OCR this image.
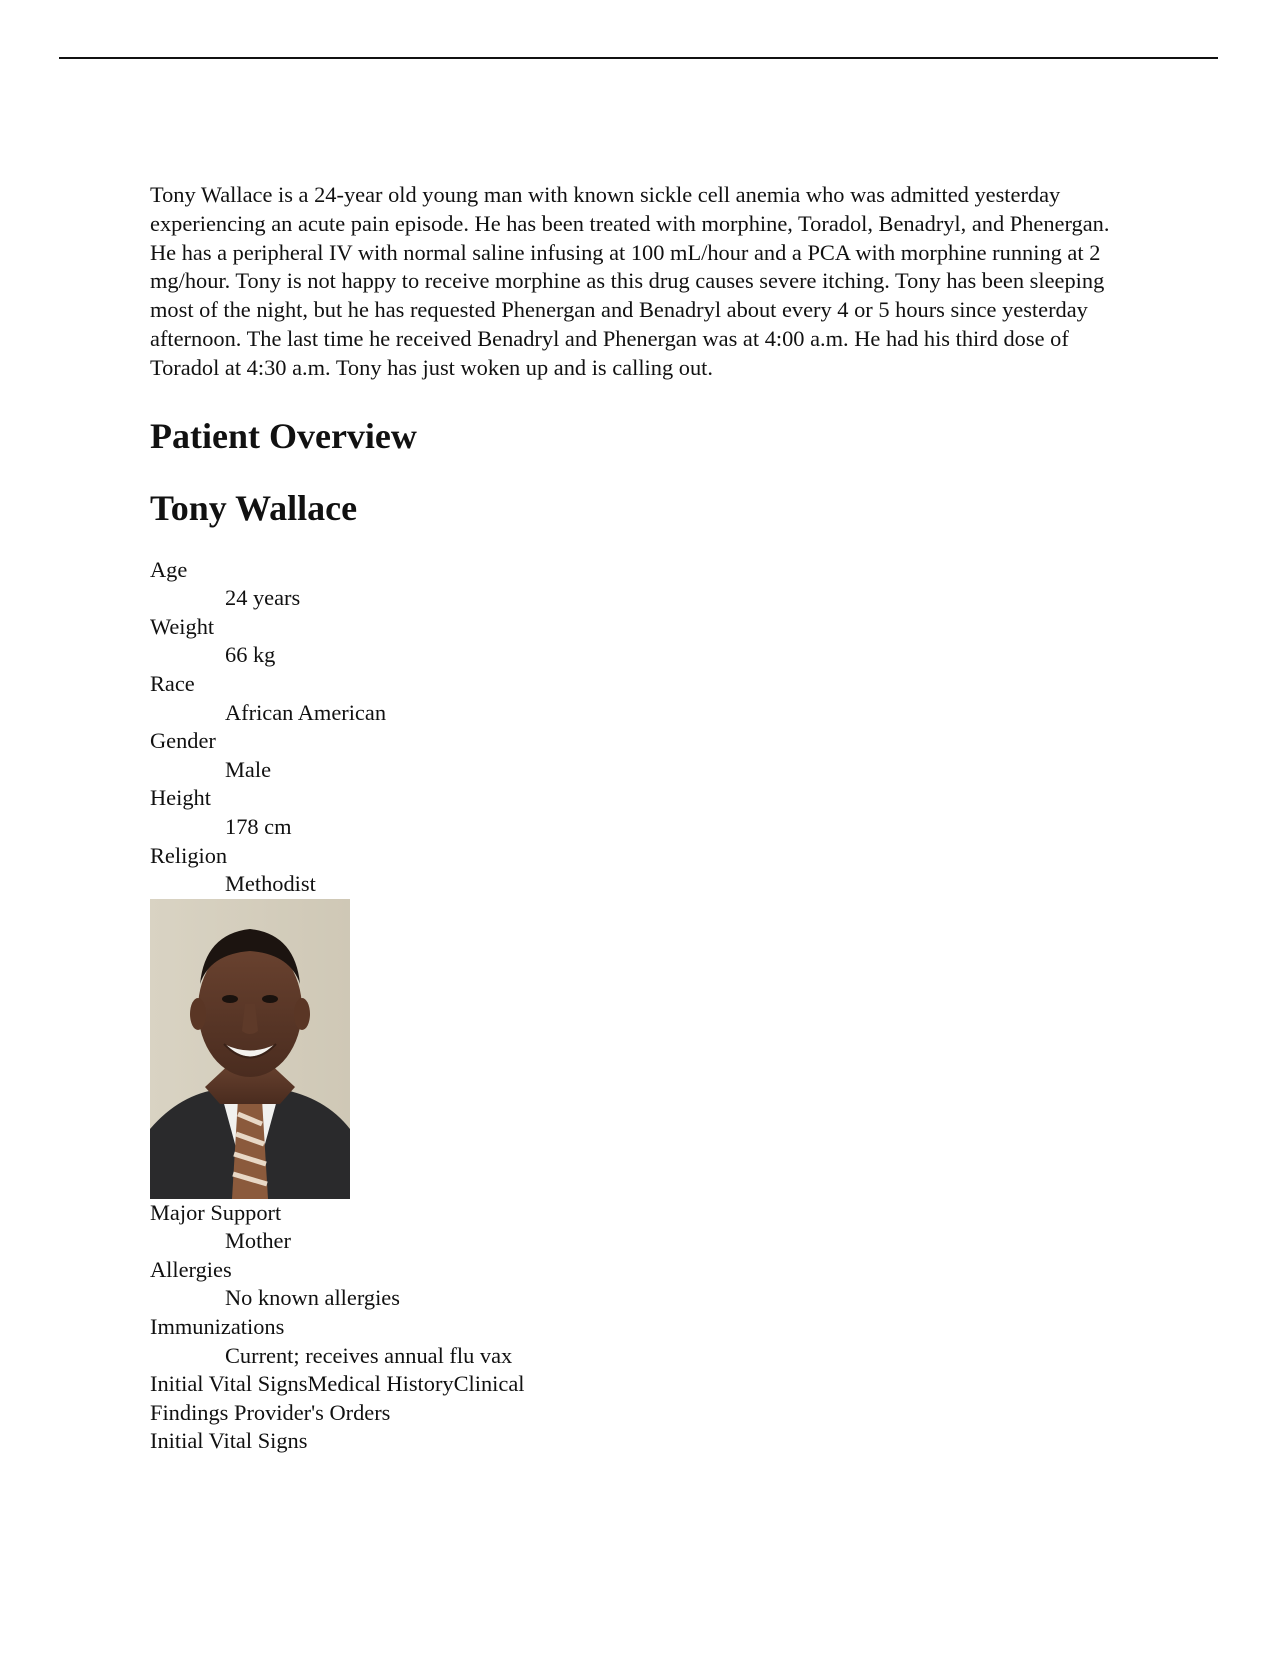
Tony Wallace is a 24-year old young man with known sickle cell anemia who was admitted yesterday experiencing an acute pain episode. He has been treated with morphine, Toradol, Benadryl, and Phenergan. He has a peripheral IV with normal saline infusing at 100 mL/hour and a PCA with morphine running at 2 mg/hour. Tony is not happy to receive morphine as this drug causes severe itching. Tony has been sleeping most of the night, but he has requested Phenergan and Benadryl about every 4 or 5 hours since yesterday afternoon. The last time he received Benadryl and Phenergan was at 4:00 a.m. He had his third dose of Toradol at 4:30 a.m. Tony has just woken up and is calling out.

Patient Overview
Tony Wallace
Age
24 years
Weight
66 kg
Race
African American
Gender
Male
Height
178 cm
Religion
Methodist
Major Support
Mother
Allergies
No known allergies
Immunizations
Current; receives annual flu vax
Initial Vital SignsMedical HistoryClinical Findings Provider's Orders
Initial Vital Signs
